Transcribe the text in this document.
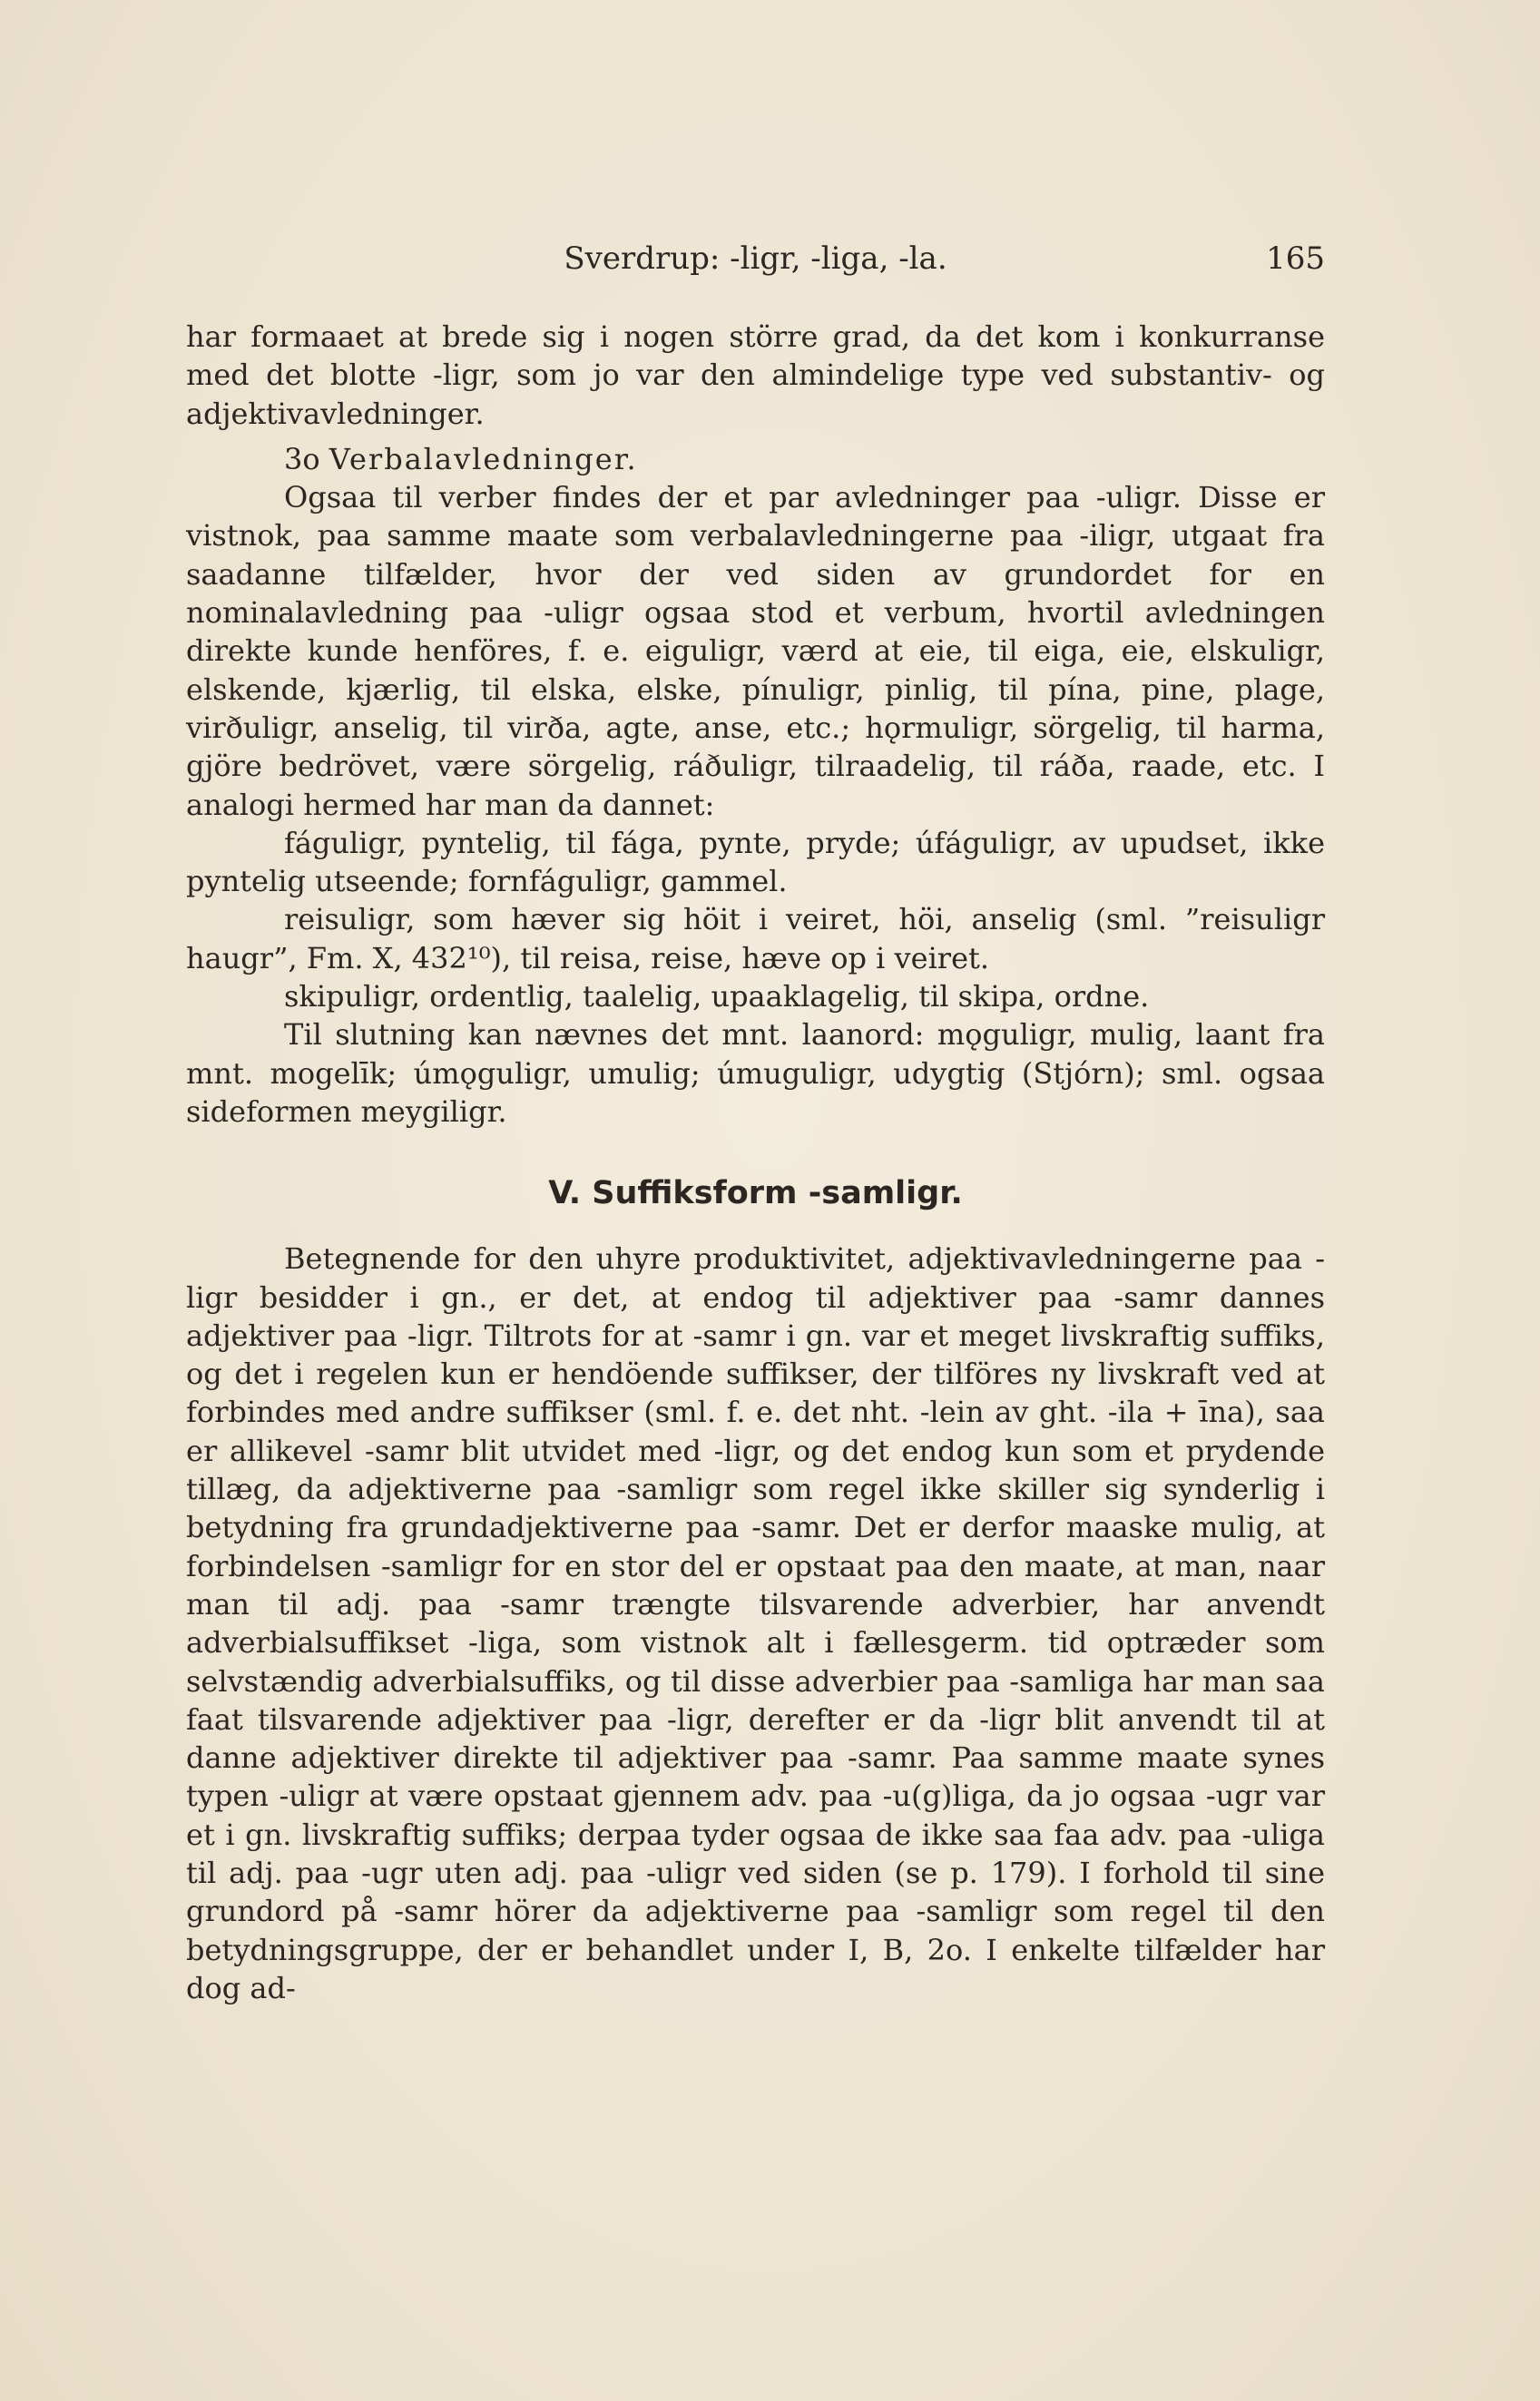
Sverdrup: -ligr, -liga, -la.	165

har formaaet at brede sig i nogen större grad, da det kom i konkurranse med det blotte -ligr, som jo var den almindelige type ved substantiv- og adjektivavledninger.

3o Verbalavledninger.

Ogsaa til verber findes der et par avledninger paa -uligr. Disse er vistnok, paa samme maate som verbalavledningerne paa -iligr, utgaat fra saadanne tilfælder, hvor der ved siden av grundordet for en nominalavledning paa -uligr ogsaa stod et verbum, hvortil avledningen direkte kunde henföres, f. e. eiguligr, værd at eie, til eiga, eie, elskuligr, elskende, kjærlig, til elska, elske, pínuligr, pinlig, til pína, pine, plage, virðuligr, anselig, til virða, agte, anse, etc.; hǫrmuligr, sörgelig, til harma, gjöre bedrövet, være sörgelig, ráðuligr, tilraadelig, til ráða, raade, etc. I analogi hermed har man da dannet:

fáguligr, pyntelig, til fága, pynte, pryde; úfáguligr, av upudset, ikke pyntelig utseende; fornfáguligr, gammel.

reisuligr, som hæver sig höit i veiret, höi, anselig (sml. ”reisuligr haugr”, Fm. X, 432¹⁰), til reisa, reise, hæve op i veiret.

skipuligr, ordentlig, taalelig, upaaklagelig, til skipa, ordne.

Til slutning kan nævnes det mnt. laanord: mǫguligr, mulig, laant fra mnt. mogelīk; úmǫguligr, umulig; úmuguligr, udygtig (Stjórn); sml. ogsaa sideformen meygiligr.

V. Suffiksform -samligr.

Betegnende for den uhyre produktivitet, adjektivavledningerne paa -ligr besidder i gn., er det, at endog til adjektiver paa -samr dannes adjektiver paa -ligr. Tiltrots for at -samr i gn. var et meget livskraftig suffiks, og det i regelen kun er hendöende suffikser, der tilföres ny livskraft ved at forbindes med andre suffikser (sml. f. e. det nht. -lein av ght. -ila + īna), saa er allikevel -samr blit utvidet med -ligr, og det endog kun som et prydende tillæg, da adjektiverne paa -samligr som regel ikke skiller sig synderlig i betydning fra grundadjektiverne paa -samr. Det er derfor maaske mulig, at forbindelsen -samligr for en stor del er opstaat paa den maate, at man, naar man til adj. paa -samr trængte tilsvarende adverbier, har anvendt adverbialsuffikset -liga, som vistnok alt i fællesgerm. tid optræder som selvstændig adverbialsuffiks, og til disse adverbier paa -samliga har man saa faat tilsvarende adjektiver paa -ligr, derefter er da -ligr blit anvendt til at danne adjektiver direkte til adjektiver paa -samr. Paa samme maate synes typen -uligr at være opstaat gjennem adv. paa -u(g)liga, da jo ogsaa -ugr var et i gn. livskraftig suffiks; derpaa tyder ogsaa de ikke saa faa adv. paa -uliga til adj. paa -ugr uten adj. paa -uligr ved siden (se p. 179). I forhold til sine grundord på -samr hörer da adjektiverne paa -samligr som regel til den betydningsgruppe, der er behandlet under I, B, 2o. I enkelte tilfælder har dog ad-
